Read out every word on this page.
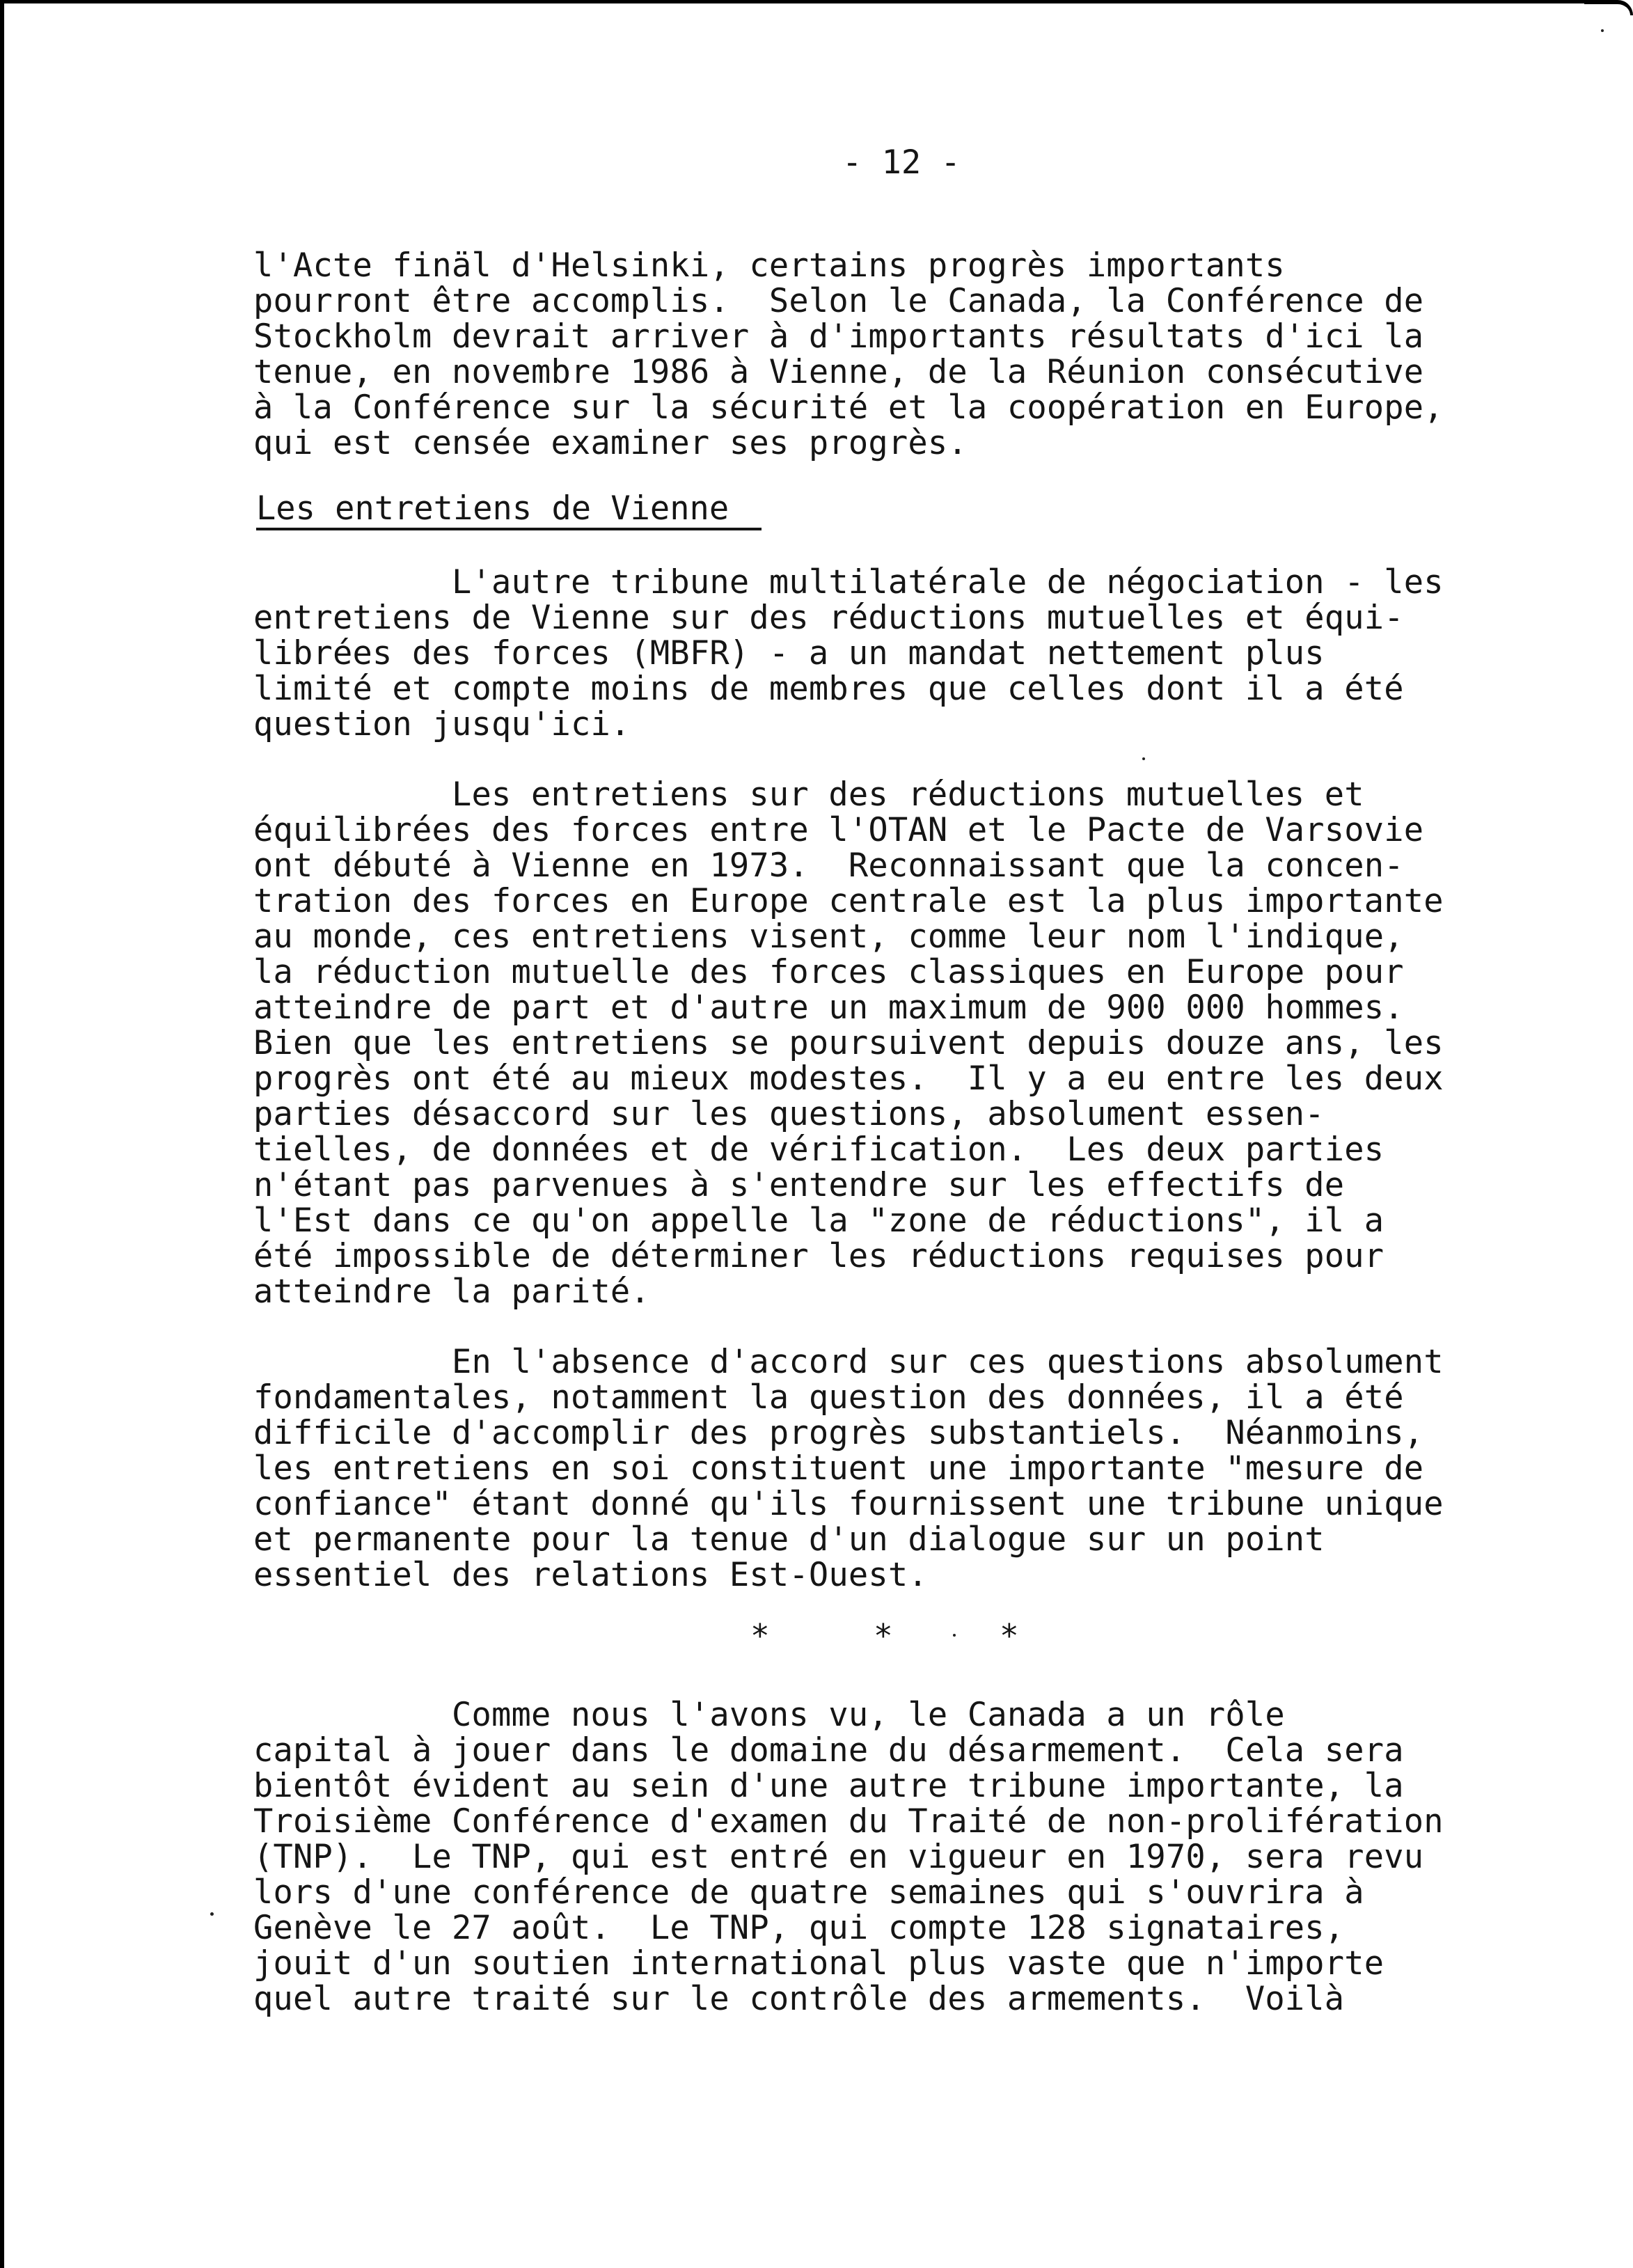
- 12 -
l'Acte finäl d'Helsinki, certains progrès importants
pourront être accomplis.  Selon le Canada, la Conférence de
Stockholm devrait arriver à d'importants résultats d'ici la
tenue, en novembre 1986 à Vienne, de la Réunion consécutive
à la Conférence sur la sécurité et la coopération en Europe,
qui est censée examiner ses progrès.
Les entretiens de Vienne
L'autre tribune multilatérale de négociation - les
entretiens de Vienne sur des réductions mutuelles et équi-
librées des forces (MBFR) - a un mandat nettement plus
limité et compte moins de membres que celles dont il a été
question jusqu'ici.
Les entretiens sur des réductions mutuelles et
équilibrées des forces entre l'OTAN et le Pacte de Varsovie
ont débuté à Vienne en 1973.  Reconnaissant que la concen-
tration des forces en Europe centrale est la plus importante
au monde, ces entretiens visent, comme leur nom l'indique,
la réduction mutuelle des forces classiques en Europe pour
atteindre de part et d'autre un maximum de 900 000 hommes.
Bien que les entretiens se poursuivent depuis douze ans, les
progrès ont été au mieux modestes.  Il y a eu entre les deux
parties désaccord sur les questions, absolument essen-
tielles, de données et de vérification.  Les deux parties
n'étant pas parvenues à s'entendre sur les effectifs de
l'Est dans ce qu'on appelle la "zone de réductions", il a
été impossible de déterminer les réductions requises pour
atteindre la parité.
En l'absence d'accord sur ces questions absolument
fondamentales, notamment la question des données, il a été
difficile d'accomplir des progrès substantiels.  Néanmoins,
les entretiens en soi constituent une importante "mesure de
confiance" étant donné qu'ils fournissent une tribune unique
et permanente pour la tenue d'un dialogue sur un point
essentiel des relations Est-Ouest.
*	*	*
Comme nous l'avons vu, le Canada a un rôle
capital à jouer dans le domaine du désarmement.  Cela sera
bientôt évident au sein d'une autre tribune importante, la
Troisième Conférence d'examen du Traité de non-prolifération
(TNP).  Le TNP, qui est entré en vigueur en 1970, sera revu
lors d'une conférence de quatre semaines qui s'ouvrira à
Genève le 27 août.  Le TNP, qui compte 128 signataires,
jouit d'un soutien international plus vaste que n'importe
quel autre traité sur le contrôle des armements.  Voilà
